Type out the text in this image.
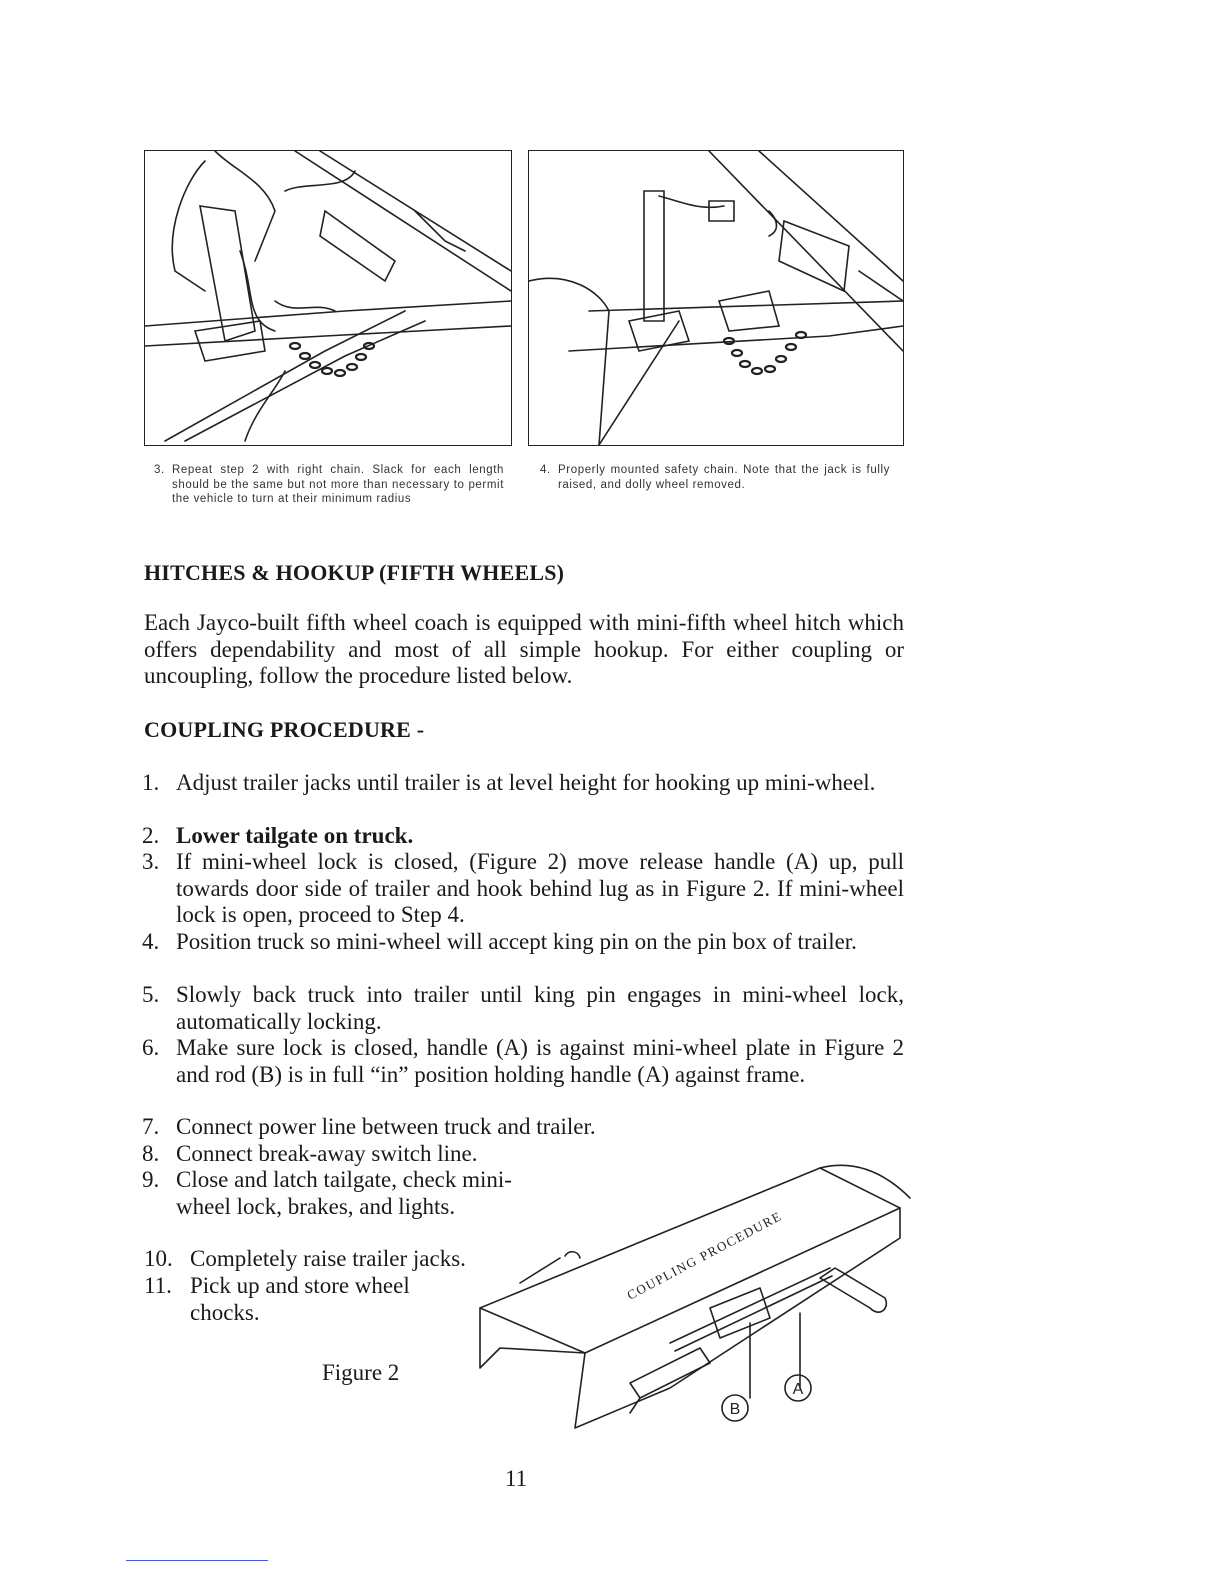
3. Repeat step 2 with right chain. Slack for each length should be the same but not more than necessary to permit the vehicle to turn at their minimum radius
4. Properly mounted safety chain. Note that the jack is fully raised, and dolly wheel removed.
HITCHES & HOOKUP (FIFTH WHEELS)

Each Jayco-built fifth wheel coach is equipped with mini-fifth wheel hitch which offers dependability and most of all simple hookup. For either coupling or uncoupling, follow the procedure listed below.

COUPLING PROCEDURE -

1. Adjust trailer jacks until trailer is at level height for hooking up mini-wheel.

2. Lower tailgate on truck.

3. If mini-wheel lock is closed, (Figure 2) move release handle (A) up, pull towards door side of trailer and hook behind lug as in Figure 2. If mini-wheel lock is open, proceed to Step 4.

4. Position truck so mini-wheel will accept king pin on the pin box of trailer.

5. Slowly back truck into trailer until king pin engages in mini-wheel lock, automatically locking.

6. Make sure lock is closed, handle (A) is against mini-wheel plate in Figure 2 and rod (B) is in full “in” position holding handle (A) against frame.

7. Connect power line between truck and trailer.

8. Connect break-away switch line.

9. Close and latch tailgate, check mini-wheel lock, brakes, and lights.

10. Completely raise trailer jacks.

11. Pick up and store wheel chocks.

COUPLING PROCEDURE
B
A

Figure 2

11
